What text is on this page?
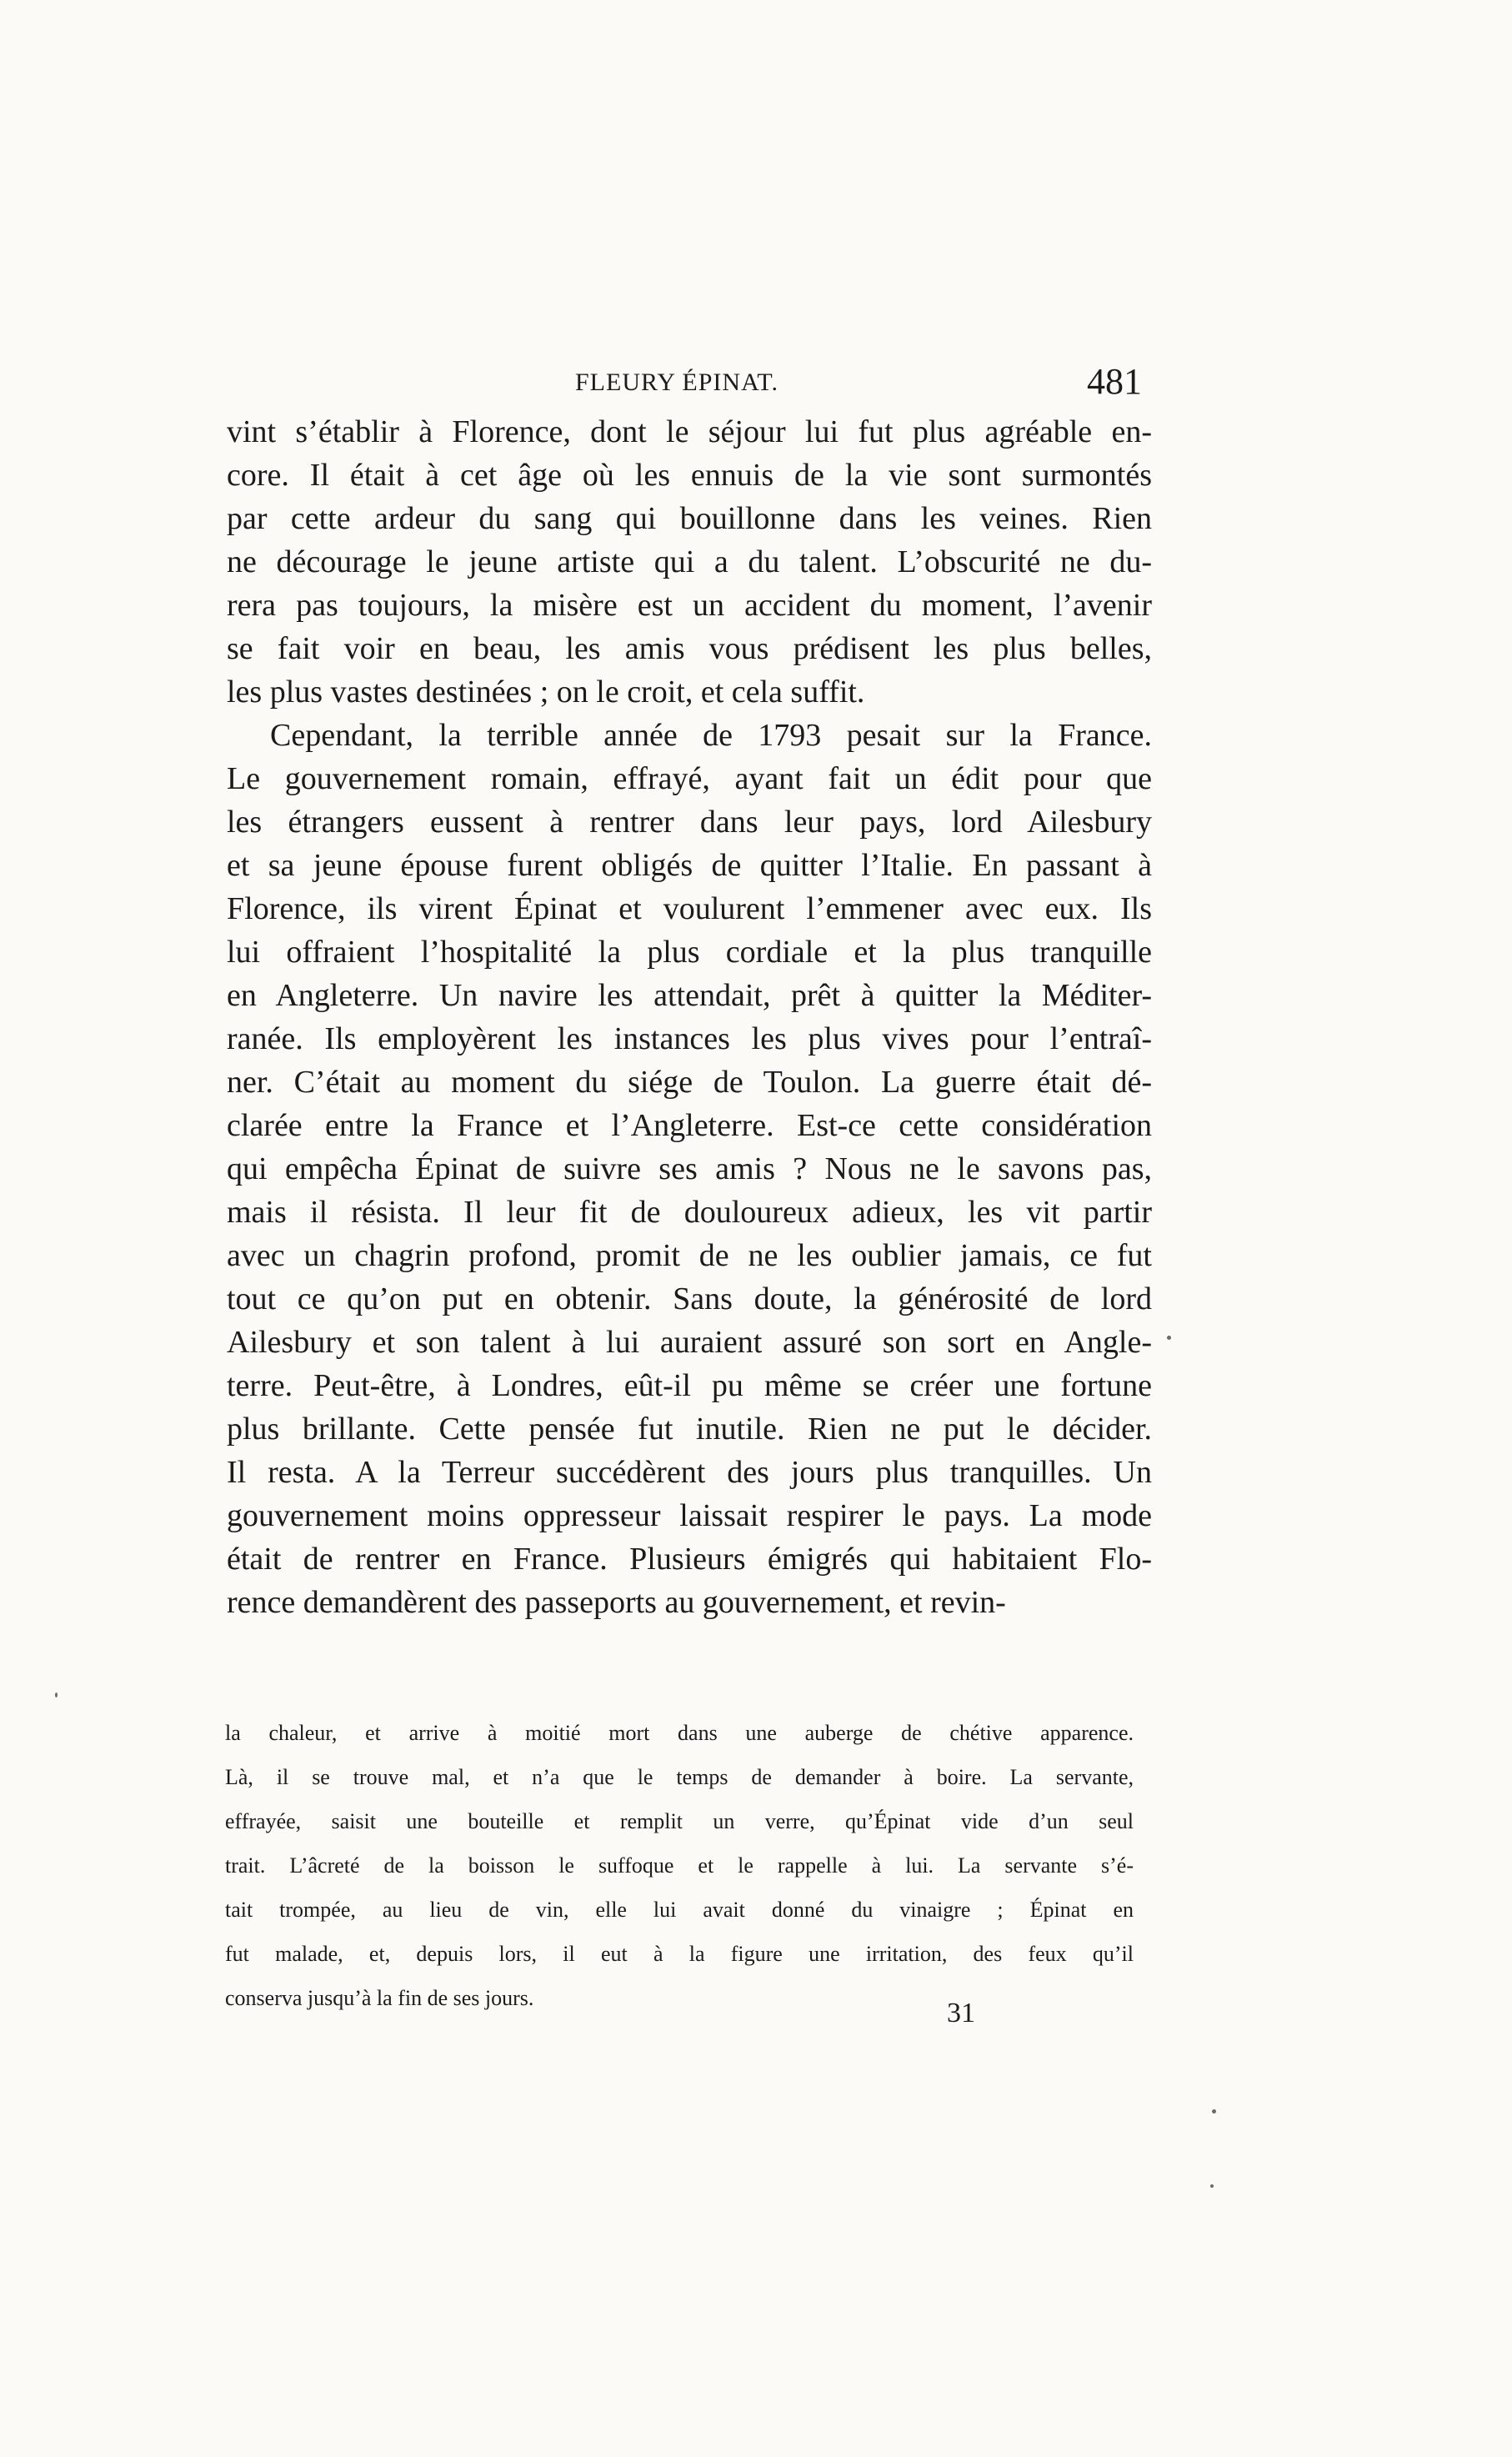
FLEURY ÉPINAT.	481
vint s’établir à Florence, dont le séjour lui fut plus agréable en-
core. Il était à cet âge où les ennuis de la vie sont surmontés
par cette ardeur du sang qui bouillonne dans les veines. Rien
ne décourage le jeune artiste qui a du talent. L’obscurité ne du-
rera pas toujours, la misère est un accident du moment, l’avenir
se fait voir en beau, les amis vous prédisent les plus belles,
les plus vastes destinées ; on le croit, et cela suffit.
Cependant, la terrible année de 1793 pesait sur la France.
Le gouvernement romain, effrayé, ayant fait un édit pour que
les étrangers eussent à rentrer dans leur pays, lord Ailesbury
et sa jeune épouse furent obligés de quitter l’Italie. En passant à
Florence, ils virent Épinat et voulurent l’emmener avec eux. Ils
lui offraient l’hospitalité la plus cordiale et la plus tranquille
en Angleterre. Un navire les attendait, prêt à quitter la Méditer-
ranée. Ils employèrent les instances les plus vives pour l’entraî-
ner. C’était au moment du siége de Toulon. La guerre était dé-
clarée entre la France et l’Angleterre. Est-ce cette considération
qui empêcha Épinat de suivre ses amis ? Nous ne le savons pas,
mais il résista. Il leur fit de douloureux adieux, les vit partir
avec un chagrin profond, promit de ne les oublier jamais, ce fut
tout ce qu’on put en obtenir. Sans doute, la générosité de lord
Ailesbury et son talent à lui auraient assuré son sort en Angle-
terre. Peut-être, à Londres, eût-il pu même se créer une fortune
plus brillante. Cette pensée fut inutile. Rien ne put le décider.
Il resta. A la Terreur succédèrent des jours plus tranquilles. Un
gouvernement moins oppresseur laissait respirer le pays. La mode
était de rentrer en France. Plusieurs émigrés qui habitaient Flo-
rence demandèrent des passeports au gouvernement, et revin-
la chaleur, et arrive à moitié mort dans une auberge de chétive apparence.
Là, il se trouve mal, et n’a que le temps de demander à boire. La servante,
effrayée, saisit une bouteille et remplit un verre, qu’Épinat vide d’un seul
trait. L’âcreté de la boisson le suffoque et le rappelle à lui. La servante s’é-
tait trompée, au lieu de vin, elle lui avait donné du vinaigre ; Épinat en
fut malade, et, depuis lors, il eut à la figure une irritation, des feux qu’il
conserva jusqu’à la fin de ses jours.	31
